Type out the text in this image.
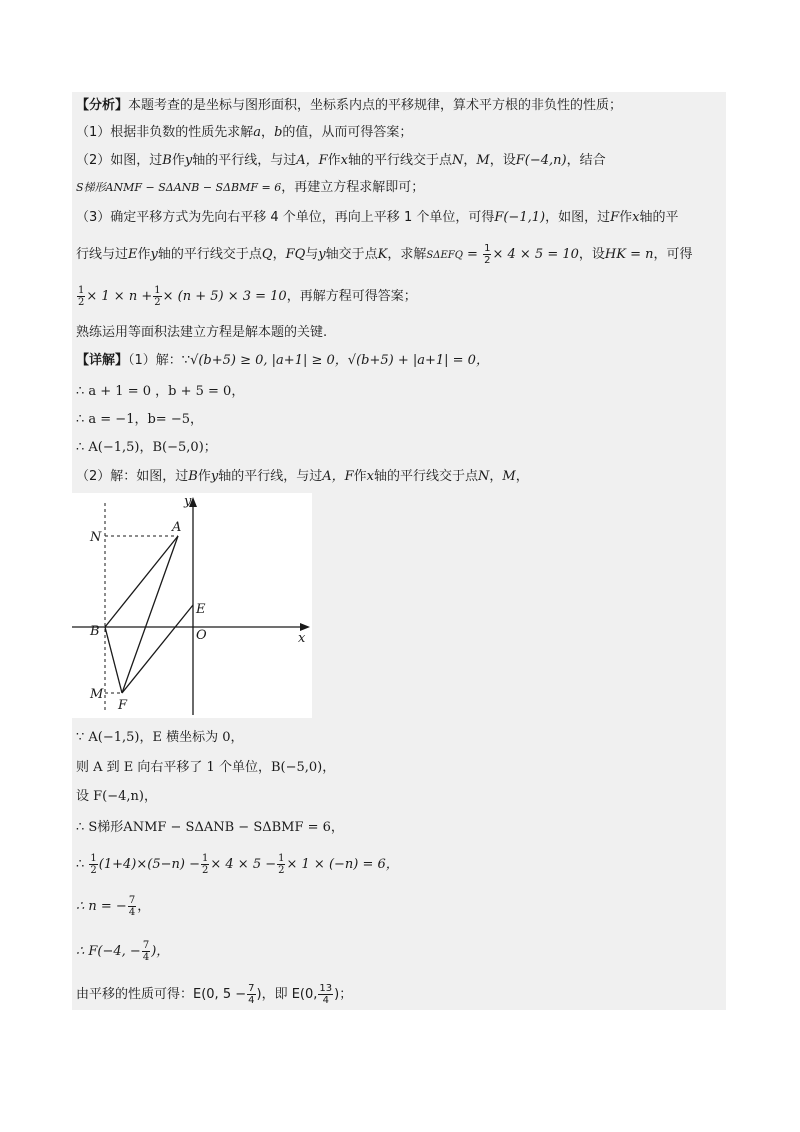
【分析】本题考查的是坐标与图形面积，坐标系内点的平移规律，算术平方根的非负性的性质；
（1）根据非负数的性质先求解a，b的值，从而可得答案；
（2）如图，过B作y轴的平行线，与过A，F作x轴的平行线交于点N，M，设F(−4,n)，结合
S梯形ANMF − SΔANB − SΔBMF = 6，再建立方程求解即可；
（3）确定平移方式为先向右平移 4 个单位，再向上平移 1 个单位，可得F(−1,1)，如图，过F作x轴的平
行线与过E作y轴的平行线交于点Q，FQ与y轴交于点K，求解$S\Delta EFQ = \frac{1}{2} \times 4 \times 5 = 10$，设HK = n，可得
$\frac{1}{2} \times 1 \times n + \frac{1}{2} \times (n + 5) \times 3 = 10$，再解方程可得答案；
熟练运用等面积法建立方程是解本题的关键.
【详解】（1）解：∵√(b+5) ≥ 0, |a+1| ≥ 0，√(b+5) + |a+1| = 0，
∴ a + 1 = 0 ，b + 5 = 0，
∴ a = −1，b= −5，
∴ A(−1,5)，B(−5,0)；
（2）解：如图，过B作y轴的平行线，与过A，F作x轴的平行线交于点N，M，
y
x
A
N
E
B	O
M
F
∵ A(−1,5)，E 横坐标为 0，
则 A 到 E 向右平移了 1 个单位，B(−5,0)，
设 F(−4,n)，
∴ S梯形ANMF − SΔANB − SΔBMF = 6，
∴ $\frac{1}{2} (1+4)\times(5-n) - \frac{1}{2} \times 4 \times 5 - \frac{1}{2} \times 1 \times (-n) = 6$，
∴ n = − $\frac{7}{4}$ ，
∴ F(−4, − $\frac{7}{4}$ )，
由平移的性质可得：E(0, $5 - \frac{7}{4}$ )，即 E(0, $\frac{13}{4}$ )；
